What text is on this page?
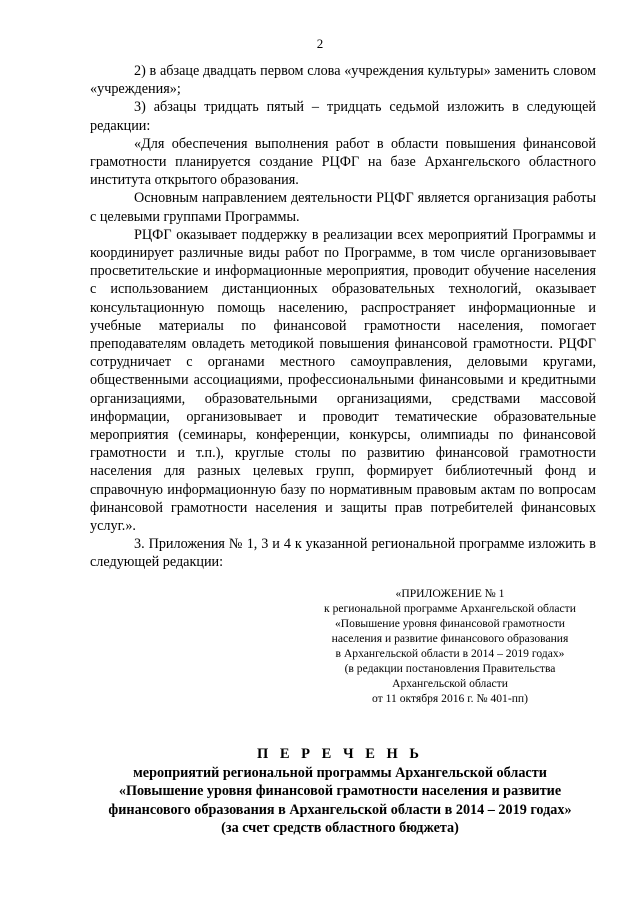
2

2) в абзаце двадцать первом слова «учреждения культуры» заменить словом «учреждения»;

3) абзацы тридцать пятый – тридцать седьмой изложить в следующей редакции:

«Для обеспечения выполнения работ в области повышения финансовой грамотности планируется создание РЦФГ на базе Архангельского областного института открытого образования.

Основным направлением деятельности РЦФГ является организация работы с целевыми группами Программы.

РЦФГ оказывает поддержку в реализации всех мероприятий Программы и координирует различные виды работ по Программе, в том числе организовывает просветительские и информационные мероприятия, проводит обучение населения с использованием дистанционных образовательных технологий, оказывает консультационную помощь населению, распространяет информационные и учебные материалы по финансовой грамотности населения, помогает преподавателям овладеть методикой повышения финансовой грамотности. РЦФГ сотрудничает с органами местного самоуправления, деловыми кругами, общественными ассоциациями, профессиональными финансовыми и кредитными организациями, образовательными организациями, средствами массовой информации, организовывает и проводит тематические образовательные мероприятия (семинары, конференции, конкурсы, олимпиады по финансовой грамотности и т.п.), круглые столы по развитию финансовой грамотности населения для разных целевых групп, формирует библиотечный фонд и справочную информационную базу по нормативным правовым актам по вопросам финансовой грамотности населения и защиты прав потребителей финансовых услуг.».

3. Приложения № 1, 3 и 4 к указанной региональной программе изложить в следующей редакции:

«ПРИЛОЖЕНИЕ № 1
к региональной программе Архангельской области
«Повышение уровня финансовой грамотности
населения и развитие финансового образования
в Архангельской области в 2014 – 2019 годах»
(в редакции постановления Правительства
Архангельской области
от 11 октября 2016 г. № 401-пп)
П Е Р Е Ч Е Н Ь
мероприятий региональной программы Архангельской области
«Повышение уровня финансовой грамотности населения и развитие
финансового образования в Архангельской области в 2014 – 2019 годах»
(за счет средств областного бюджета)
